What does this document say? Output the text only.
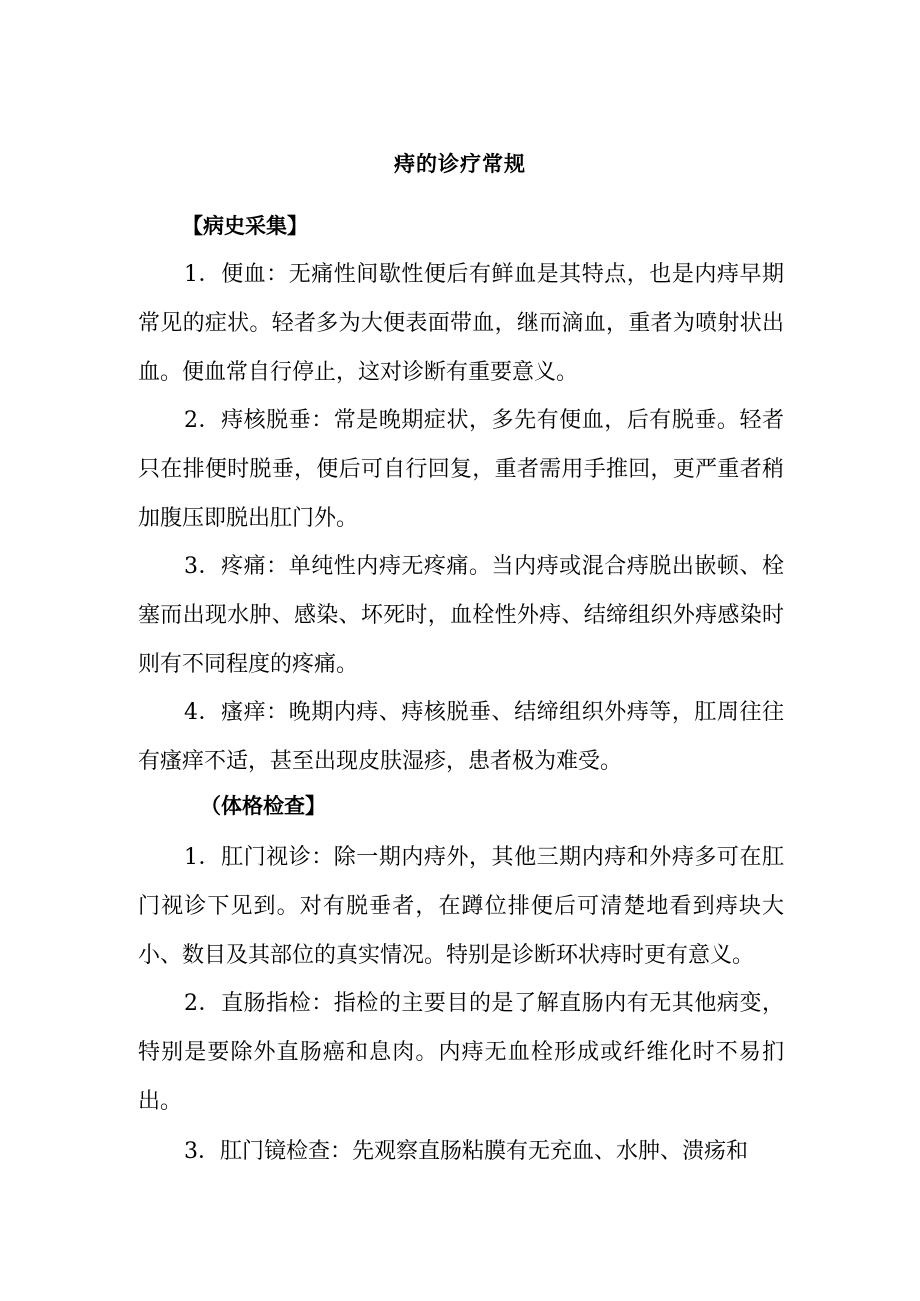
痔的诊疗常规
【病史采集】

1．便血：无痛性间歇性便后有鲜血是其特点，也是内痔早期常见的症状。轻者多为大便表面带血，继而滴血，重者为喷射状出血。便血常自行停止，这对诊断有重要意义。

2．痔核脱垂：常是晚期症状，多先有便血，后有脱垂。轻者只在排便时脱垂，便后可自行回复，重者需用手推回，更严重者稍加腹压即脱出肛门外。

3．疼痛：单纯性内痔无疼痛。当内痔或混合痔脱出嵌顿、栓塞而出现水肿、感染、坏死时，血栓性外痔、结缔组织外痔感染时则有不同程度的疼痛。

4．瘙痒：晚期内痔、痔核脱垂、结缔组织外痔等，肛周往往有瘙痒不适，甚至出现皮肤湿疹，患者极为难受。

（体格检查】

1．肛门视诊：除一期内痔外，其他三期内痔和外痔多可在肛门视诊下见到。对有脱垂者，在蹲位排便后可清楚地看到痔块大小、数目及其部位的真实情况。特别是诊断环状痔时更有意义。

2．直肠指检：指检的主要目的是了解直肠内有无其他病变，特别是要除外直肠癌和息肉。内痔无血栓形成或纤维化时不易扪出。

3．肛门镜检查：先观察直肠粘膜有无充血、水肿、溃疡和
